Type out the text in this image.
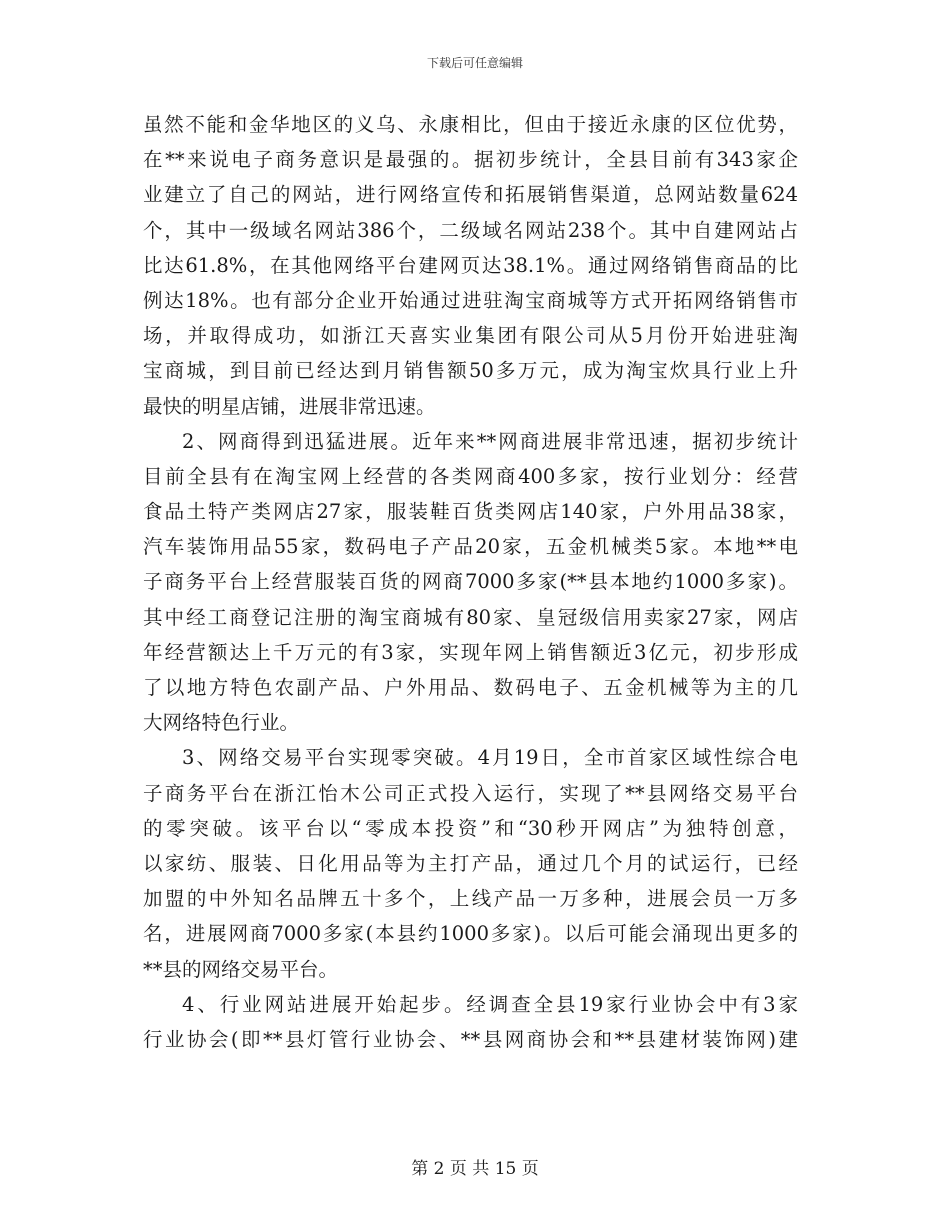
下载后可任意编辑
虽然不能和金华地区的义乌、永康相比，但由于接近永康的区位优势，
在**来说电子商务意识是最强的。据初步统计，全县目前有343家企
业建立了自己的网站，进行网络宣传和拓展销售渠道，总网站数量624
个，其中一级域名网站386个，二级域名网站238个。其中自建网站占
比达61.8%，在其他网络平台建网页达38.1%。通过网络销售商品的比
例达18%。也有部分企业开始通过进驻淘宝商城等方式开拓网络销售市
场，并取得成功，如浙江天喜实业集团有限公司从5月份开始进驻淘
宝商城，到目前已经达到月销售额50多万元，成为淘宝炊具行业上升
最快的明星店铺，进展非常迅速。
2、网商得到迅猛进展。近年来**网商进展非常迅速，据初步统计
目前全县有在淘宝网上经营的各类网商400多家，按行业划分：经营
食品土特产类网店27家，服装鞋百货类网店140家，户外用品38家，
汽车装饰用品55家，数码电子产品20家，五金机械类5家。本地**电
子商务平台上经营服装百货的网商7000多家(**县本地约1000多家)。
其中经工商登记注册的淘宝商城有80家、皇冠级信用卖家27家，网店
年经营额达上千万元的有3家，实现年网上销售额近3亿元，初步形成
了以地方特色农副产品、户外用品、数码电子、五金机械等为主的几
大网络特色行业。
3、网络交易平台实现零突破。4月19日，全市首家区域性综合电
子商务平台在浙江怡木公司正式投入运行，实现了**县网络交易平台
的零突破。该平台以“零成本投资”和“30秒开网店”为独特创意，
以家纺、服装、日化用品等为主打产品，通过几个月的试运行，已经
加盟的中外知名品牌五十多个，上线产品一万多种，进展会员一万多
名，进展网商7000多家(本县约1000多家)。以后可能会涌现出更多的
**县的网络交易平台。
4、行业网站进展开始起步。经调查全县19家行业协会中有3家
行业协会(即**县灯管行业协会、**县网商协会和**县建材装饰网)建
第 2 页 共 15 页
